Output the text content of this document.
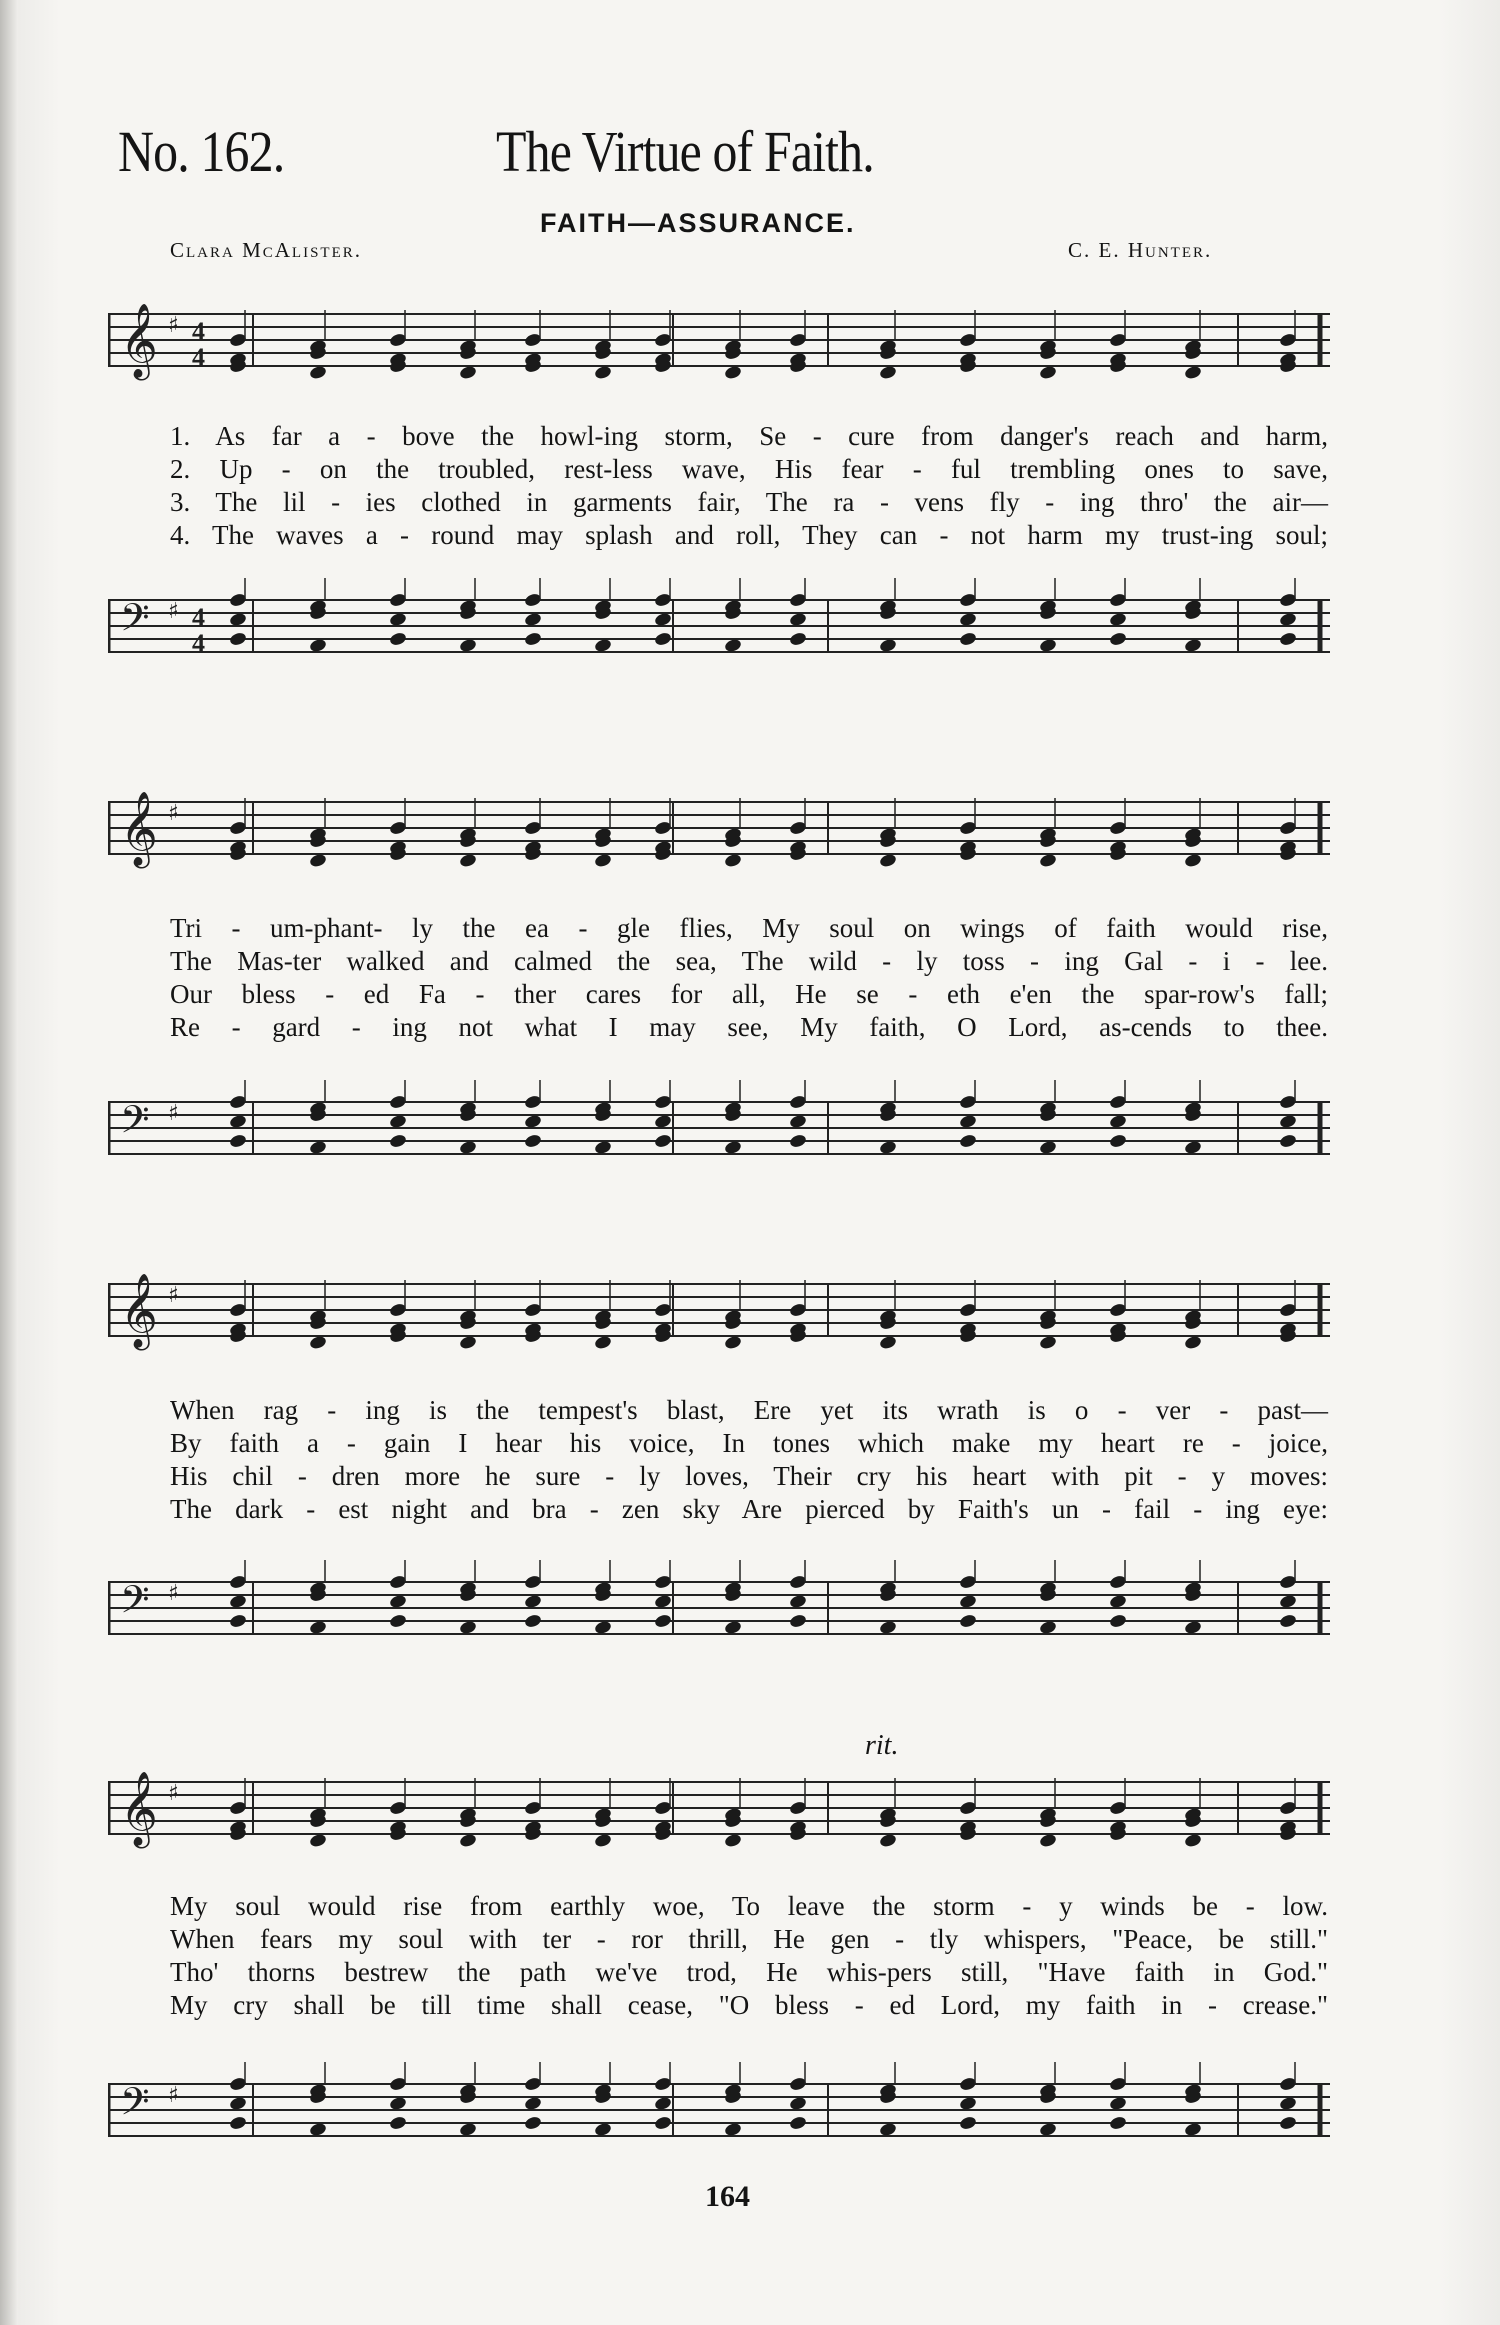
No. 162.	The Virtue of Faith.
FAITH—ASSURANCE.
Clara McAlister.	C. E. Hunter.
𝄞 ♯ 4
4
1. As far a - bove the howl-ing storm, Se - cure from danger's reach and harm,
2. Up - on the troubled, rest-less wave, His fear - ful trembling ones to save,
3. The lil - ies clothed in garments fair, The ra - vens fly - ing thro' the air—
4. The waves a - round may splash and roll, They can - not harm my trust-ing soul;
𝄢 ♯ 4
4
𝄞 ♯
Tri - um-phant- ly the ea - gle flies, My soul on wings of faith would rise,
The Mas-ter walked and calmed the sea, The wild - ly toss - ing Gal - i - lee.
Our bless - ed Fa - ther cares for all, He se - eth e'en the spar-row's fall;
Re - gard - ing not what I may see, My faith, O Lord, as-cends to thee.
𝄢 ♯
𝄞 ♯
When rag - ing is the tempest's blast, Ere yet its wrath is o - ver - past—
By faith a - gain I hear his voice, In tones which make my heart re - joice,
His chil - dren more he sure - ly loves, Their cry his heart with pit - y moves:
The dark - est night and bra - zen sky Are pierced by Faith's un - fail - ing eye:
𝄢 ♯
rit.
𝄞 ♯
My soul would rise from earthly woe, To leave the storm - y winds be - low.
When fears my soul with ter - ror thrill, He gen - tly whispers, "Peace, be still."
Tho' thorns bestrew the path we've trod, He whis-pers still, "Have faith in God."
My cry shall be till time shall cease, "O bless - ed Lord, my faith in - crease."
𝄢 ♯
164
